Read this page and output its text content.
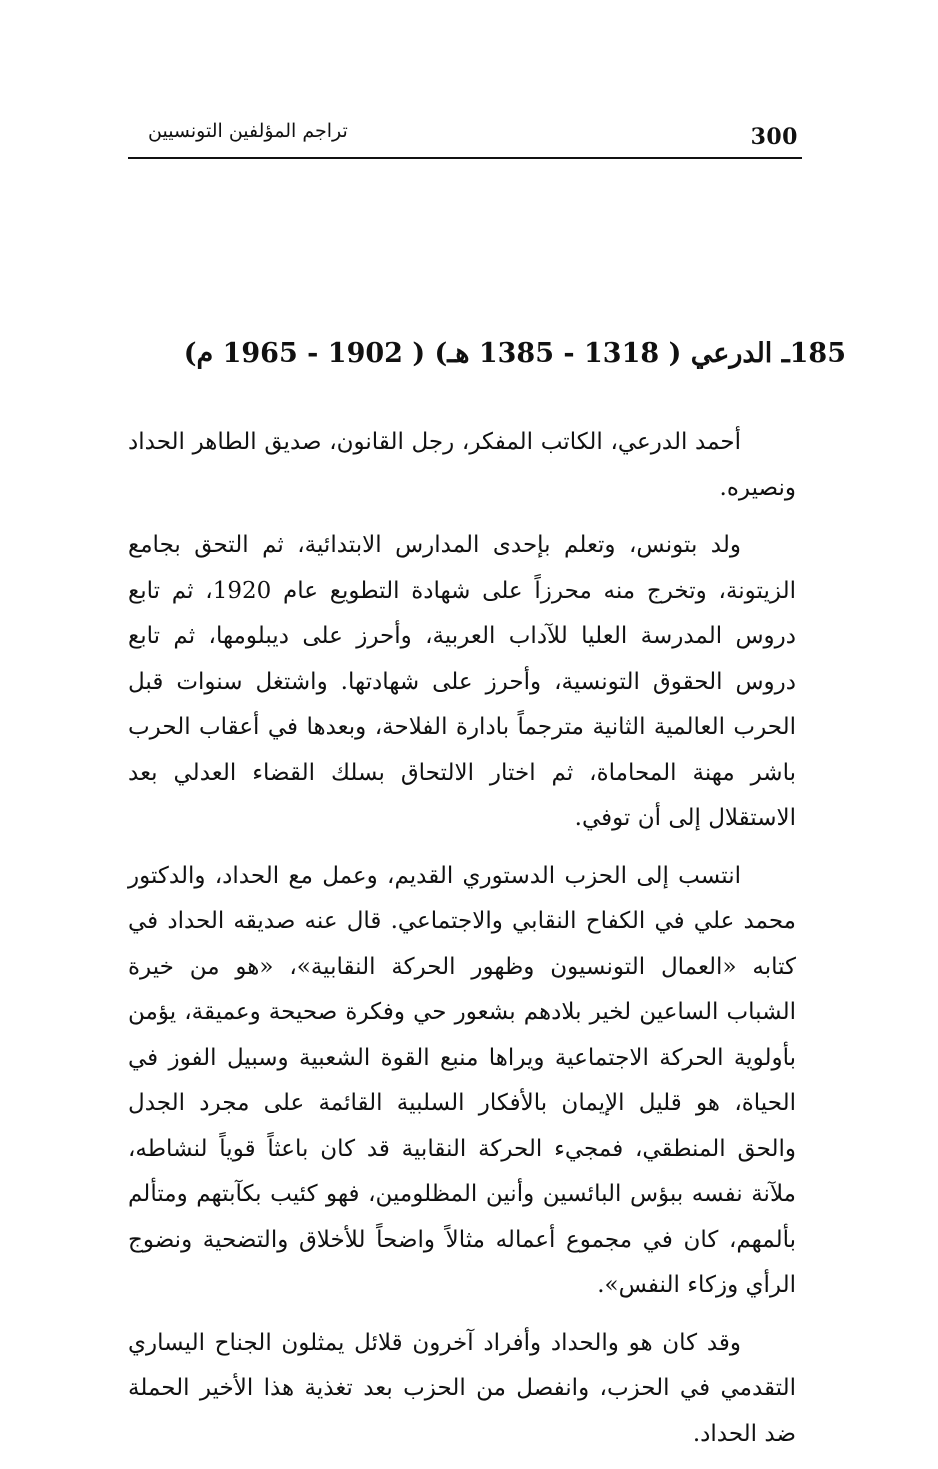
300
تراجم المؤلفين التونسيين
185ـ الدرعي ( 1318 - 1385 هـ) ( 1902 - 1965 م)

أحمد الدرعي، الكاتب المفكر، رجل القانون، صديق الطاهر الحداد ونصيره.

ولد بتونس، وتعلم بإحدى المدارس الابتدائية، ثم التحق بجامع الزيتونة، وتخرج منه محرزاً على شهادة التطويع عام 1920، ثم تابع دروس المدرسة العليا للآداب العربية، وأحرز على ديبلومها، ثم تابع دروس الحقوق التونسية، وأحرز على شهادتها. واشتغل سنوات قبل الحرب العالمية الثانية مترجماً بادارة الفلاحة، وبعدها في أعقاب الحرب باشر مهنة المحاماة، ثم اختار الالتحاق بسلك القضاء العدلي بعد الاستقلال إلى أن توفي.

انتسب إلى الحزب الدستوري القديم، وعمل مع الحداد، والدكتور محمد علي في الكفاح النقابي والاجتماعي. قال عنه صديقه الحداد في كتابه «العمال التونسيون وظهور الحركة النقابية»، «هو من خيرة الشباب الساعين لخير بلادهم بشعور حي وفكرة صحيحة وعميقة، يؤمن بأولوية الحركة الاجتماعية ويراها منبع القوة الشعبية وسبيل الفوز في الحياة، هو قليل الإيمان بالأفكار السلبية القائمة على مجرد الجدل والحق المنطقي، فمجيء الحركة النقابية قد كان باعثاً قوياً لنشاطه، ملآنة نفسه ببؤس البائسين وأنين المظلومين، فهو كئيب بكآبتهم ومتألم بألمهم، كان في مجموع أعماله مثالاً واضحاً للأخلاق والتضحية ونضوج الرأي وزكاء النفس».

وقد كان هو والحداد وأفراد آخرون قلائل يمثلون الجناح اليساري التقدمي في الحزب، وانفصل من الحزب بعد تغذية هذا الأخير الحملة ضد الحداد.
